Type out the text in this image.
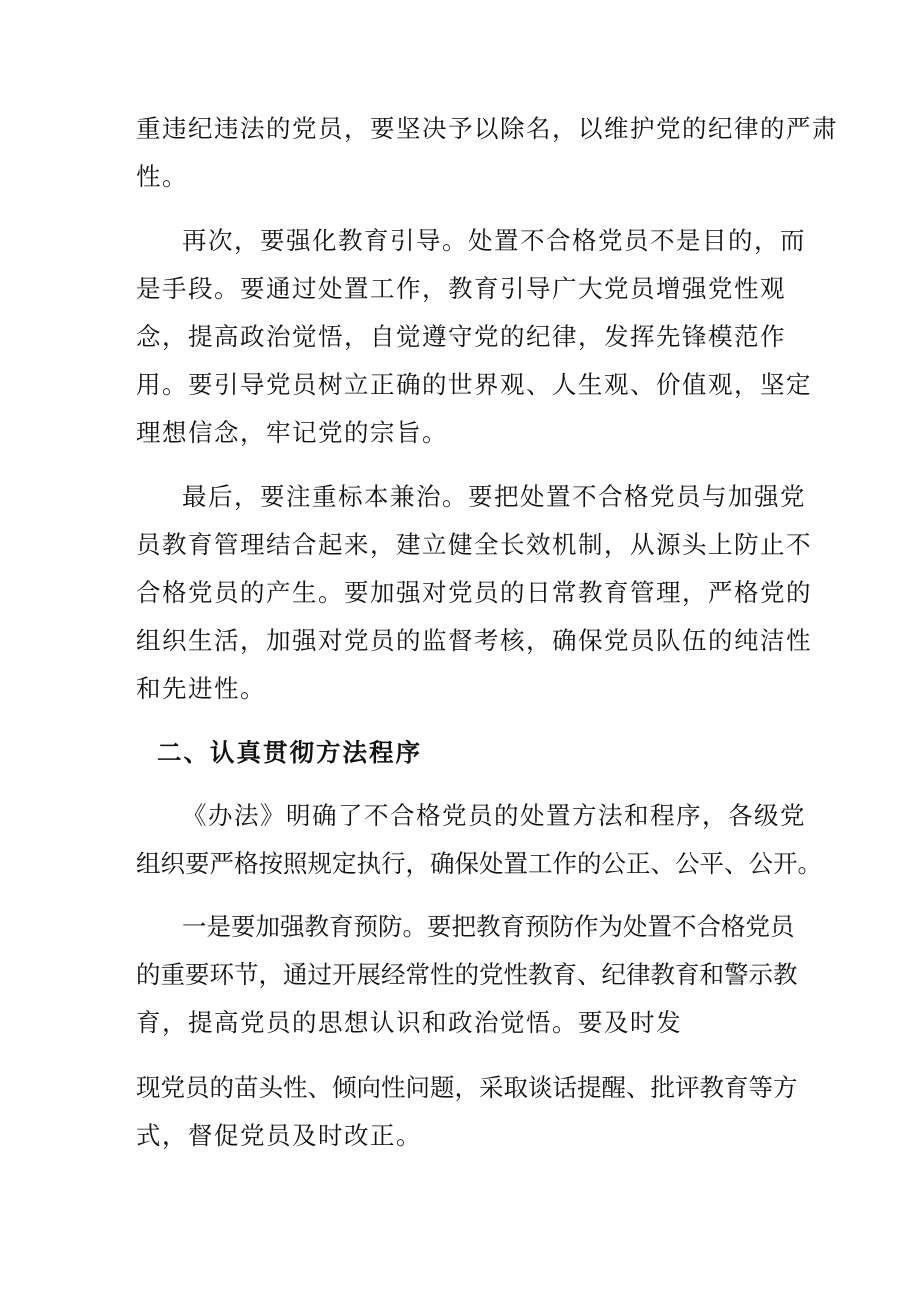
重违纪违法的党员，要坚决予以除名，以维护党的纪律的严肃
性。
再次，要强化教育引导。处置不合格党员不是目的，而
是手段。要通过处置工作，教育引导广大党员增强党性观
念，提高政治觉悟，自觉遵守党的纪律，发挥先锋模范作
用。要引导党员树立正确的世界观、人生观、价值观，坚定
理想信念，牢记党的宗旨。
最后，要注重标本兼治。要把处置不合格党员与加强党
员教育管理结合起来，建立健全长效机制，从源头上防止不
合格党员的产生。要加强对党员的日常教育管理，严格党的
组织生活，加强对党员的监督考核，确保党员队伍的纯洁性
和先进性。
二、认真贯彻方法程序
《办法》明确了不合格党员的处置方法和程序，各级党
组织要严格按照规定执行，确保处置工作的公正、公平、公开。
一是要加强教育预防。要把教育预防作为处置不合格党员
的重要环节，通过开展经常性的党性教育、纪律教育和警示教
育，提高党员的思想认识和政治觉悟。要及时发
现党员的苗头性、倾向性问题，采取谈话提醒、批评教育等方
式，督促党员及时改正。
